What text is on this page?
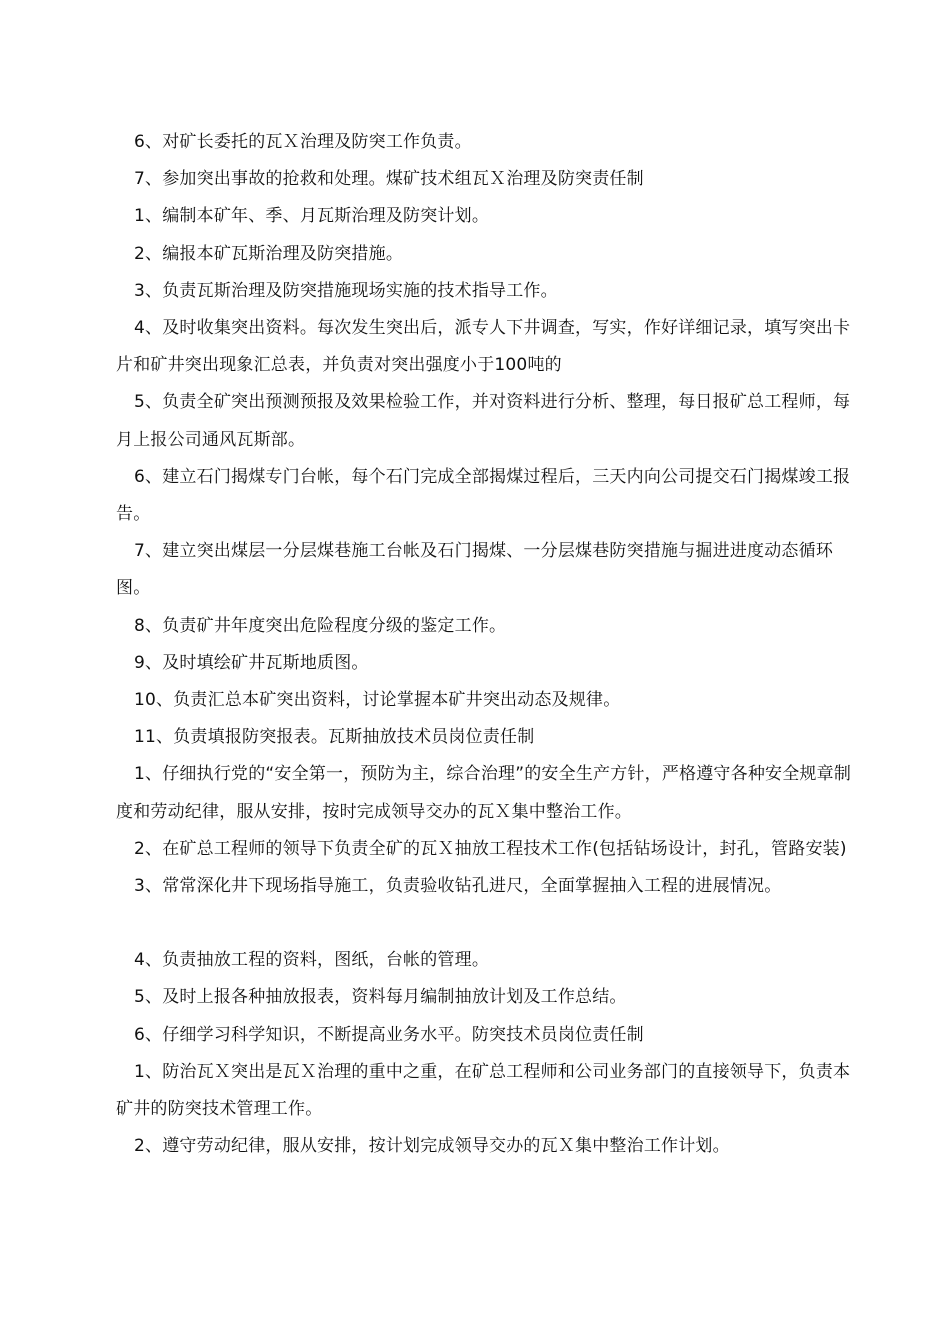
6、对矿长委托的瓦Ｘ治理及防突工作负责。

7、参加突出事故的抢救和处理。煤矿技术组瓦Ｘ治理及防突责任制

1、编制本矿年、季、月瓦斯治理及防突计划。

2、编报本矿瓦斯治理及防突措施。

3、负责瓦斯治理及防突措施现场实施的技术指导工作。

4、及时收集突出资料。每次发生突出后，派专人下井调查，写实，作好详细记录，填写突出卡片和矿井突出现象汇总表，并负责对突出强度小于100吨的

5、负责全矿突出预测预报及效果检验工作，并对资料进行分析、整理，每日报矿总工程师，每月上报公司通风瓦斯部。

6、建立石门揭煤专门台帐，每个石门完成全部揭煤过程后，三天内向公司提交石门揭煤竣工报告。

7、建立突出煤层一分层煤巷施工台帐及石门揭煤、一分层煤巷防突措施与掘进进度动态循环图。

8、负责矿井年度突出危险程度分级的鉴定工作。

9、及时填绘矿井瓦斯地质图。

10、负责汇总本矿突出资料，讨论掌握本矿井突出动态及规律。

11、负责填报防突报表。瓦斯抽放技术员岗位责任制

1、仔细执行党的“安全第一，预防为主，综合治理”的安全生产方针，严格遵守各种安全规章制度和劳动纪律，服从安排，按时完成领导交办的瓦Ｘ集中整治工作。

2、在矿总工程师的领导下负责全矿的瓦Ｘ抽放工程技术工作(包括钻场设计，封孔，管路安装)

3、常常深化井下现场指导施工，负责验收钻孔进尺，全面掌握抽入工程的进展情况。

4、负责抽放工程的资料，图纸，台帐的管理。

5、及时上报各种抽放报表，资料每月编制抽放计划及工作总结。

6、仔细学习科学知识，不断提高业务水平。防突技术员岗位责任制

1、防治瓦Ｘ突出是瓦Ｘ治理的重中之重，在矿总工程师和公司业务部门的直接领导下，负责本矿井的防突技术管理工作。

2、遵守劳动纪律，服从安排，按计划完成领导交办的瓦Ｘ集中整治工作计划。
